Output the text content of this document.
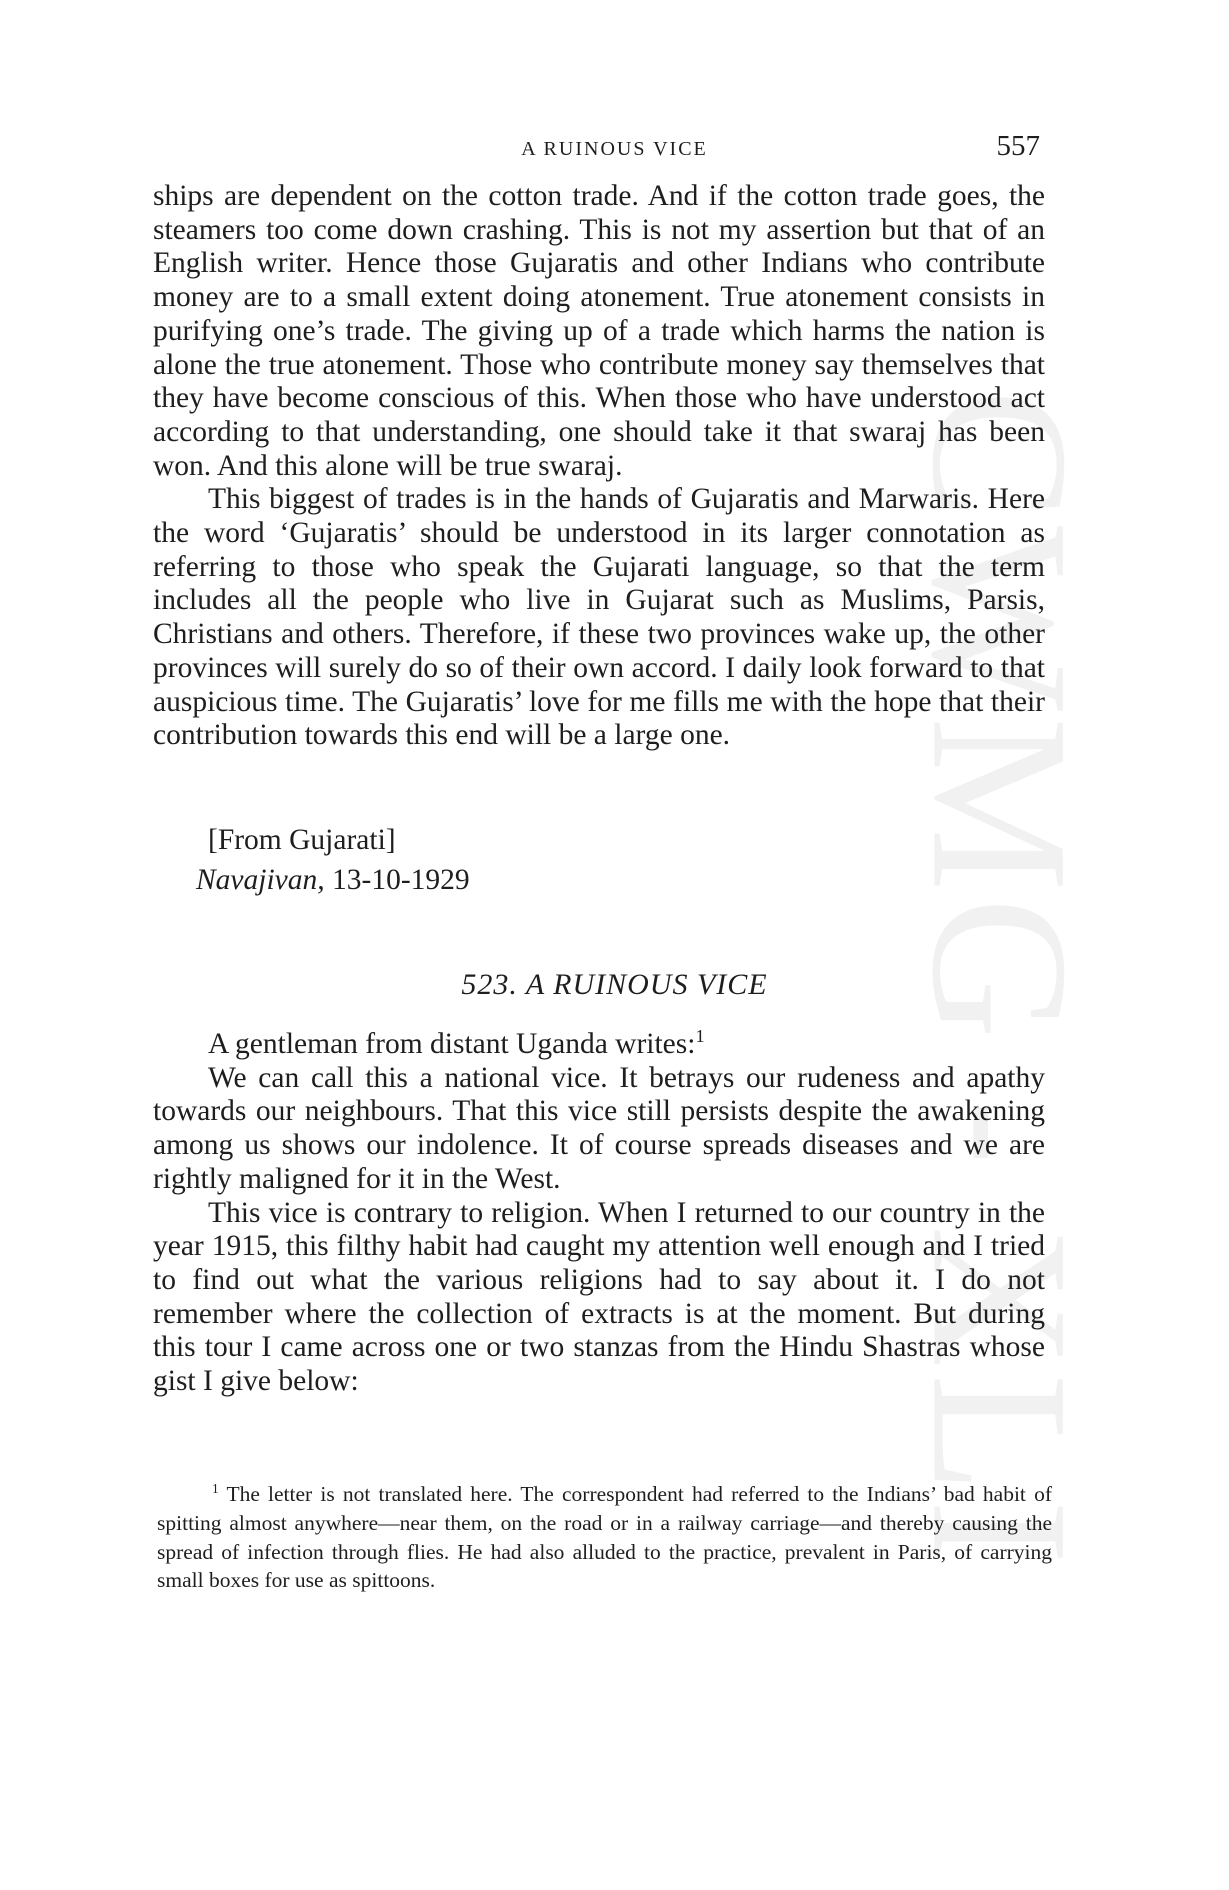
CWMG - XLI
A RUINOUS VICE	557

ships are dependent on the cotton trade. And if the cotton trade goes, the steamers too come down crashing. This is not my assertion but that of an English writer. Hence those Gujaratis and other Indians who contribute money are to a small extent doing atonement. True atonement consists in purifying one’s trade. The giving up of a trade which harms the nation is alone the true atonement. Those who contribute money say themselves that they have become conscious of this. When those who have understood act according to that understanding, one should take it that swaraj has been won. And this alone will be true swaraj.

This biggest of trades is in the hands of Gujaratis and Marwaris. Here the word ‘Gujaratis’ should be understood in its larger connotation as referring to those who speak the Gujarati language, so that the term includes all the people who live in Gujarat such as Muslims, Parsis, Christians and others. Therefore, if these two provinces wake up, the other provinces will surely do so of their own accord. I daily look forward to that auspicious time. The Gujaratis’ love for me fills me with the hope that their contribution towards this end will be a large one.

[From Gujarati]
Navajivan, 13-10-1929
523. A RUINOUS VICE

A gentleman from distant Uganda writes:$^1$

We can call this a national vice. It betrays our rudeness and apathy towards our neighbours. That this vice still persists despite the awakening among us shows our indolence. It of course spreads diseases and we are rightly maligned for it in the West.

This vice is contrary to religion. When I returned to our country in the year 1915, this filthy habit had caught my attention well enough and I tried to find out what the various religions had to say about it. I do not remember where the collection of extracts is at the moment. But during this tour I came across one or two stanzas from the Hindu Shastras whose gist I give below:

$^1$ The letter is not translated here. The correspondent had referred to the Indians’ bad habit of spitting almost anywhere—near them, on the road or in a railway carriage—and thereby causing the spread of infection through flies. He had also alluded to the practice, prevalent in Paris, of carrying small boxes for use as spittoons.
